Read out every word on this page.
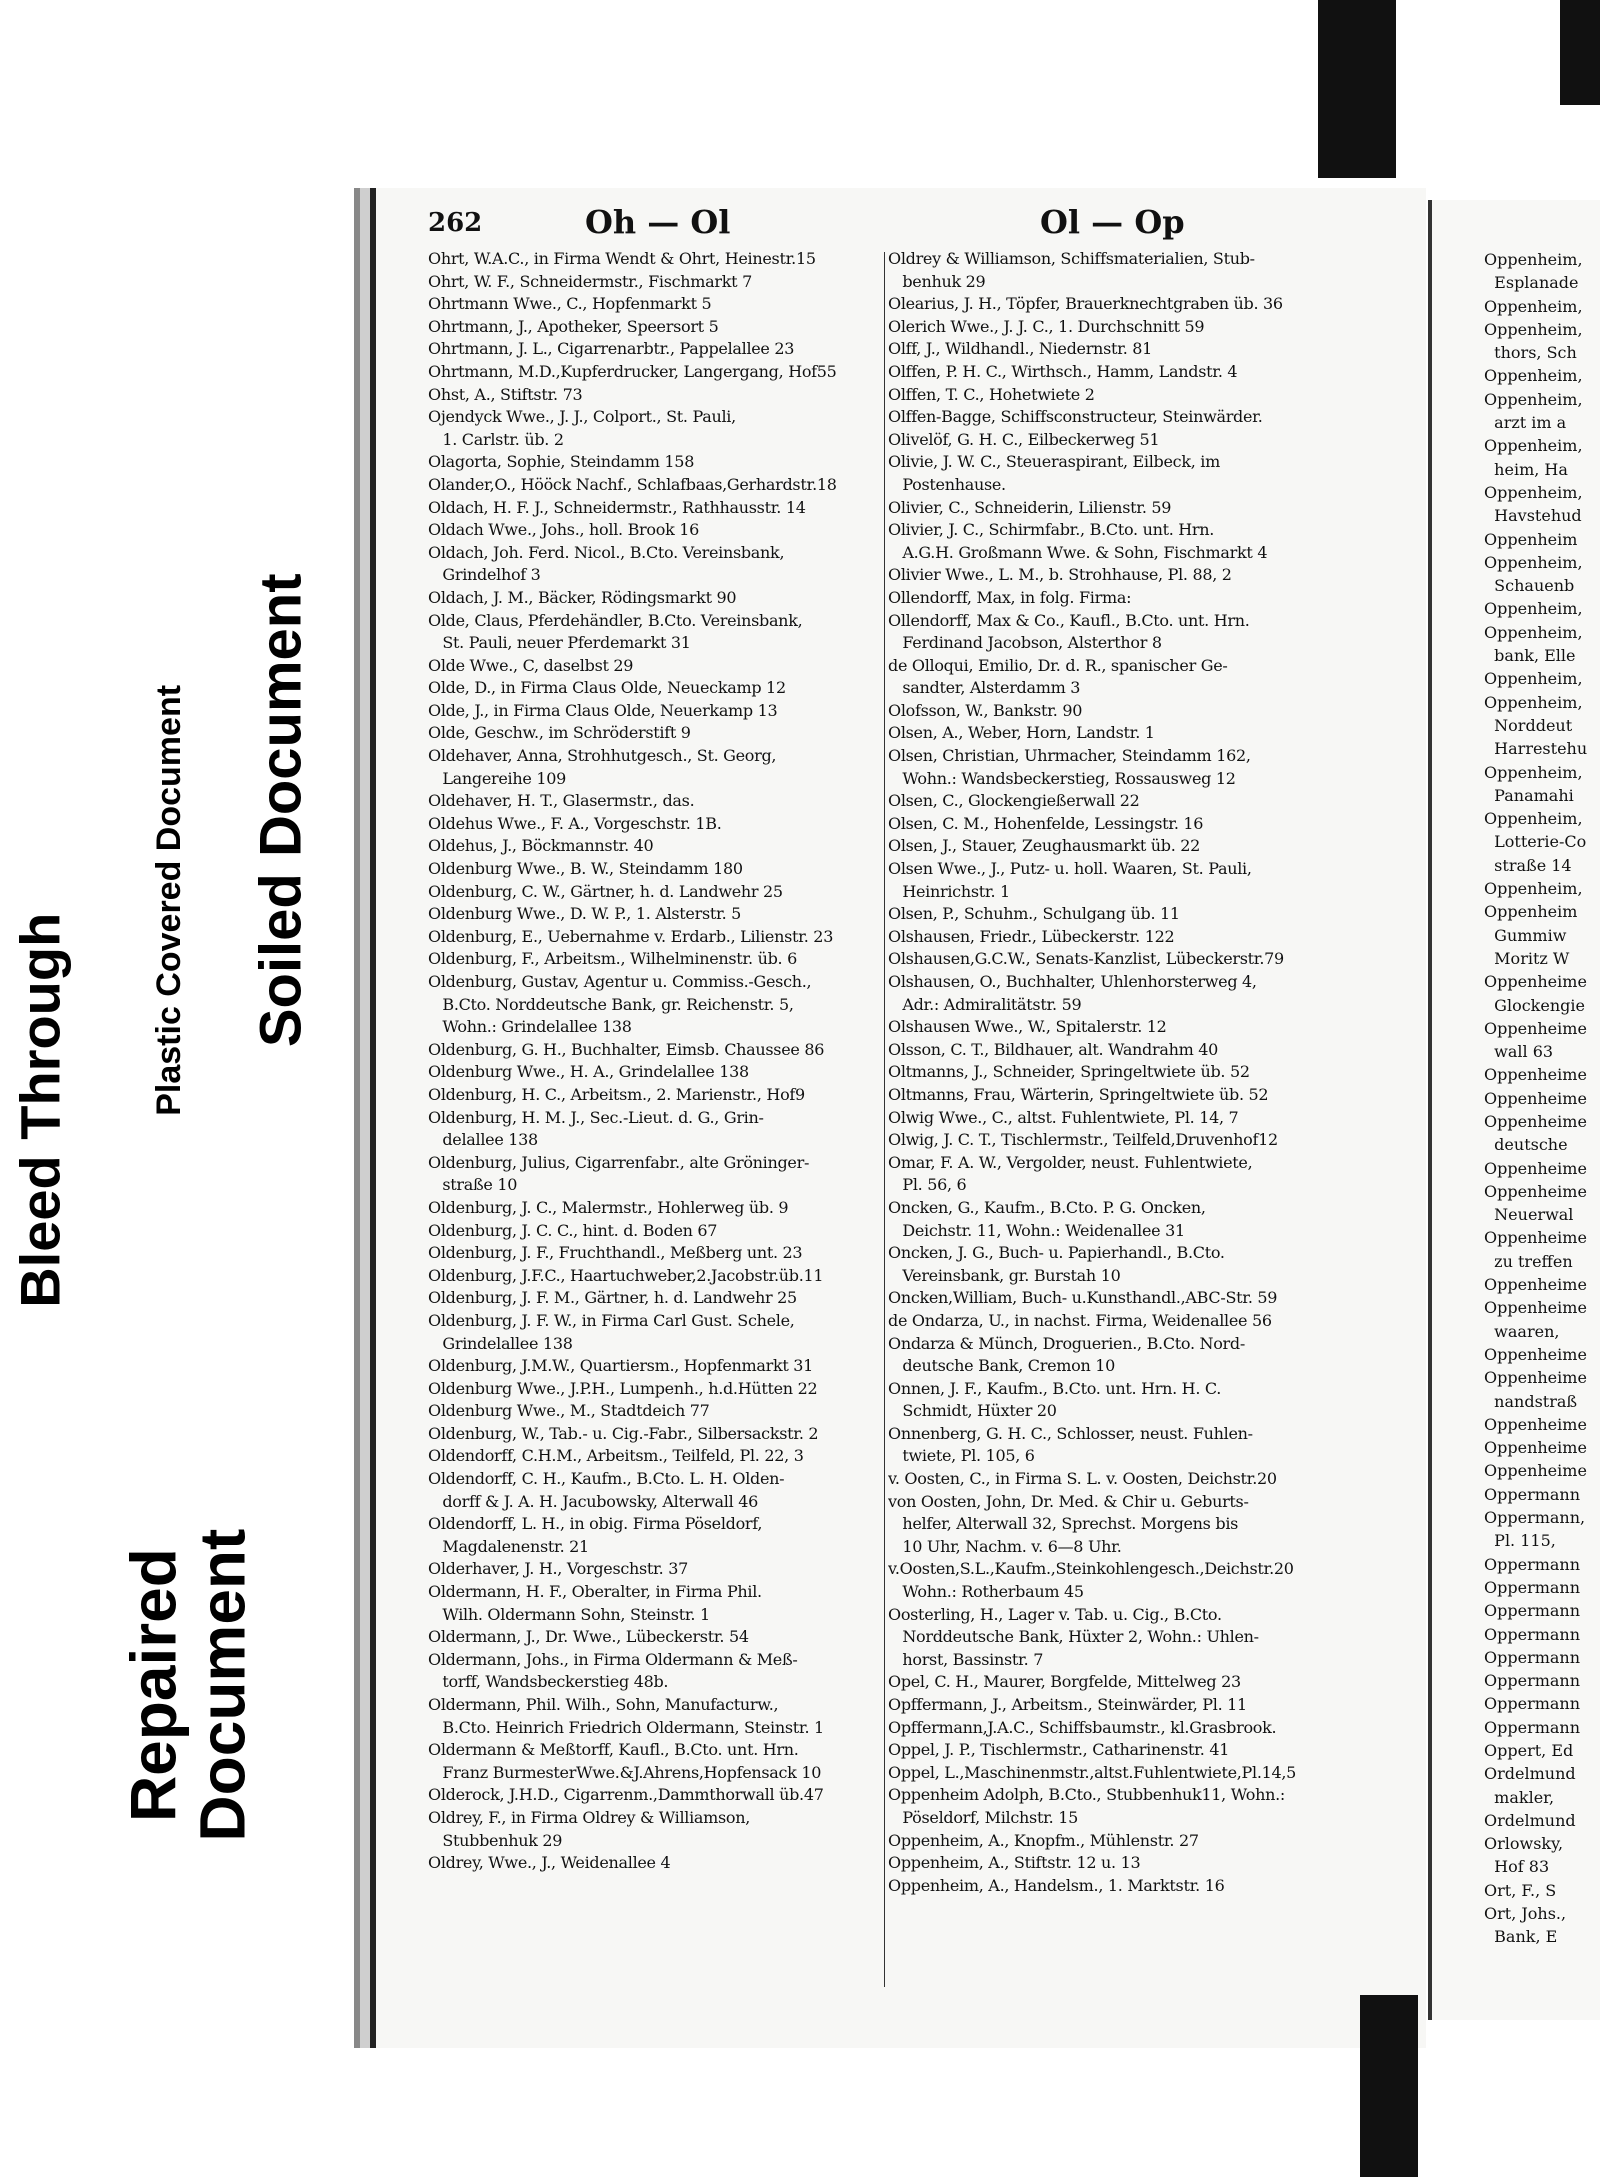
Bleed Through Plastic Covered Document Soiled Document
Repaired
Document
262	Oh — Ol	Ol — Op
Ohrt, W.A.C., in Firma Wendt & Ohrt, Heinestr.15
Ohrt, W. F., Schneidermstr., Fischmarkt 7
Ohrtmann Wwe., C., Hopfenmarkt 5
Ohrtmann, J., Apotheker, Speersort 5
Ohrtmann, J. L., Cigarrenarbtr., Pappelallee 23
Ohrtmann, M.D.,Kupferdrucker, Langergang, Hof55
Ohst, A., Stiftstr. 73
Ojendyck Wwe., J. J., Colport., St. Pauli,
1. Carlstr. üb. 2
Olagorta, Sophie, Steindamm 158
Olander,O., Hööck Nachf., Schlafbaas,Gerhardstr.18
Oldach, H. F. J., Schneidermstr., Rathhausstr. 14
Oldach Wwe., Johs., holl. Brook 16
Oldach, Joh. Ferd. Nicol., B.Cto. Vereinsbank,
Grindelhof 3
Oldach, J. M., Bäcker, Rödingsmarkt 90
Olde, Claus, Pferdehändler, B.Cto. Vereinsbank,
St. Pauli, neuer Pferdemarkt 31
Olde Wwe., C, daselbst 29
Olde, D., in Firma Claus Olde, Neueckamp 12
Olde, J., in Firma Claus Olde, Neuerkamp 13
Olde, Geschw., im Schröderstift 9
Oldehaver, Anna, Strohhutgesch., St. Georg,
Langereihe 109
Oldehaver, H. T., Glasermstr., das.
Oldehus Wwe., F. A., Vorgeschstr. 1B.
Oldehus, J., Böckmannstr. 40
Oldenburg Wwe., B. W., Steindamm 180
Oldenburg, C. W., Gärtner, h. d. Landwehr 25
Oldenburg Wwe., D. W. P., 1. Alsterstr. 5
Oldenburg, E., Uebernahme v. Erdarb., Lilienstr. 23
Oldenburg, F., Arbeitsm., Wilhelminenstr. üb. 6
Oldenburg, Gustav, Agentur u. Commiss.-Gesch.,
B.Cto. Norddeutsche Bank, gr. Reichenstr. 5,
Wohn.: Grindelallee 138
Oldenburg, G. H., Buchhalter, Eimsb. Chaussee 86
Oldenburg Wwe., H. A., Grindelallee 138
Oldenburg, H. C., Arbeitsm., 2. Marienstr., Hof9
Oldenburg, H. M. J., Sec.-Lieut. d. G., Grin-
delallee 138
Oldenburg, Julius, Cigarrenfabr., alte Gröninger-
straße 10
Oldenburg, J. C., Malermstr., Hohlerweg üb. 9
Oldenburg, J. C. C., hint. d. Boden 67
Oldenburg, J. F., Fruchthandl., Meßberg unt. 23
Oldenburg, J.F.C., Haartuchweber,2.Jacobstr.üb.11
Oldenburg, J. F. M., Gärtner, h. d. Landwehr 25
Oldenburg, J. F. W., in Firma Carl Gust. Schele,
Grindelallee 138
Oldenburg, J.M.W., Quartiersm., Hopfenmarkt 31
Oldenburg Wwe., J.P.H., Lumpenh., h.d.Hütten 22
Oldenburg Wwe., M., Stadtdeich 77
Oldenburg, W., Tab.- u. Cig.-Fabr., Silbersackstr. 2
Oldendorff, C.H.M., Arbeitsm., Teilfeld, Pl. 22, 3
Oldendorff, C. H., Kaufm., B.Cto. L. H. Olden-
dorff & J. A. H. Jacubowsky, Alterwall 46
Oldendorff, L. H., in obig. Firma Pöseldorf,
Magdalenenstr. 21
Olderhaver, J. H., Vorgeschstr. 37
Oldermann, H. F., Oberalter, in Firma Phil.
Wilh. Oldermann Sohn, Steinstr. 1
Oldermann, J., Dr. Wwe., Lübeckerstr. 54
Oldermann, Johs., in Firma Oldermann & Meß-
torff, Wandsbeckerstieg 48b.
Oldermann, Phil. Wilh., Sohn, Manufacturw.,
B.Cto. Heinrich Friedrich Oldermann, Steinstr. 1
Oldermann & Meßtorff, Kaufl., B.Cto. unt. Hrn.
Franz BurmesterWwe.&J.Ahrens,Hopfensack 10
Olderock, J.H.D., Cigarrenm.,Dammthorwall üb.47
Oldrey, F., in Firma Oldrey & Williamson,
Stubbenhuk 29
Oldrey, Wwe., J., Weidenallee 4
Oldrey & Williamson, Schiffsmaterialien, Stub-
benhuk 29
Olearius, J. H., Töpfer, Brauerknechtgraben üb. 36
Olerich Wwe., J. J. C., 1. Durchschnitt 59
Olff, J., Wildhandl., Niedernstr. 81
Olffen, P. H. C., Wirthsch., Hamm, Landstr. 4
Olffen, T. C., Hohetwiete 2
Olffen-Bagge, Schiffsconstructeur, Steinwärder.
Olivelöf, G. H. C., Eilbeckerweg 51
Olivie, J. W. C., Steueraspirant, Eilbeck, im
Postenhause.
Olivier, C., Schneiderin, Lilienstr. 59
Olivier, J. C., Schirmfabr., B.Cto. unt. Hrn.
A.G.H. Großmann Wwe. & Sohn, Fischmarkt 4
Olivier Wwe., L. M., b. Strohhause, Pl. 88, 2
Ollendorff, Max, in folg. Firma:
Ollendorff, Max & Co., Kaufl., B.Cto. unt. Hrn.
Ferdinand Jacobson, Alsterthor 8
de Olloqui, Emilio, Dr. d. R., spanischer Ge-
sandter, Alsterdamm 3
Olofsson, W., Bankstr. 90
Olsen, A., Weber, Horn, Landstr. 1
Olsen, Christian, Uhrmacher, Steindamm 162,
Wohn.: Wandsbeckerstieg, Rossausweg 12
Olsen, C., Glockengießerwall 22
Olsen, C. M., Hohenfelde, Lessingstr. 16
Olsen, J., Stauer, Zeughausmarkt üb. 22
Olsen Wwe., J., Putz- u. holl. Waaren, St. Pauli,
Heinrichstr. 1
Olsen, P., Schuhm., Schulgang üb. 11
Olshausen, Friedr., Lübeckerstr. 122
Olshausen,G.C.W., Senats-Kanzlist, Lübeckerstr.79
Olshausen, O., Buchhalter, Uhlenhorsterweg 4,
Adr.: Admiralitätstr. 59
Olshausen Wwe., W., Spitalerstr. 12
Olsson, C. T., Bildhauer, alt. Wandrahm 40
Oltmanns, J., Schneider, Springeltwiete üb. 52
Oltmanns, Frau, Wärterin, Springeltwiete üb. 52
Olwig Wwe., C., altst. Fuhlentwiete, Pl. 14, 7
Olwig, J. C. T., Tischlermstr., Teilfeld,Druvenhof12
Omar, F. A. W., Vergolder, neust. Fuhlentwiete,
Pl. 56, 6
Oncken, G., Kaufm., B.Cto. P. G. Oncken,
Deichstr. 11, Wohn.: Weidenallee 31
Oncken, J. G., Buch- u. Papierhandl., B.Cto.
Vereinsbank, gr. Burstah 10
Oncken,William, Buch- u.Kunsthandl.,ABC-Str. 59
de Ondarza, U., in nachst. Firma, Weidenallee 56
Ondarza & Münch, Droguerien., B.Cto. Nord-
deutsche Bank, Cremon 10
Onnen, J. F., Kaufm., B.Cto. unt. Hrn. H. C.
Schmidt, Hüxter 20
Onnenberg, G. H. C., Schlosser, neust. Fuhlen-
twiete, Pl. 105, 6
v. Oosten, C., in Firma S. L. v. Oosten, Deichstr.20
von Oosten, John, Dr. Med. & Chir u. Geburts-
helfer, Alterwall 32, Sprechst. Morgens bis
10 Uhr, Nachm. v. 6—8 Uhr.
v.Oosten,S.L.,Kaufm.,Steinkohlengesch.,Deichstr.20
Wohn.: Rotherbaum 45
Oosterling, H., Lager v. Tab. u. Cig., B.Cto.
Norddeutsche Bank, Hüxter 2, Wohn.: Uhlen-
horst, Bassinstr. 7
Opel, C. H., Maurer, Borgfelde, Mittelweg 23
Opffermann, J., Arbeitsm., Steinwärder, Pl. 11
Opffermann,J.A.C., Schiffsbaumstr., kl.Grasbrook.
Oppel, J. P., Tischlermstr., Catharinenstr. 41
Oppel, L.,Maschinenmstr.,altst.Fuhlentwiete,Pl.14,5
Oppenheim Adolph, B.Cto., Stubbenhuk11, Wohn.:
Pöseldorf, Milchstr. 15
Oppenheim, A., Knopfm., Mühlenstr. 27
Oppenheim, A., Stiftstr. 12 u. 13
Oppenheim, A., Handelsm., 1. Marktstr. 16
Oppenheim,
Esplanade
Oppenheim,
Oppenheim,
thors, Sch
Oppenheim,
Oppenheim,
arzt im a
Oppenheim,
heim, Ha
Oppenheim,
Havstehud
Oppenheim
Oppenheim,
Schauenb
Oppenheim,
Oppenheim,
bank, Elle
Oppenheim,
Oppenheim,
Norddeut
Harrestehu
Oppenheim,
Panamahi
Oppenheim,
Lotterie-Co
straße 14
Oppenheim,
Oppenheim
Gummiw
Moritz W
Oppenheime
Glockengie
Oppenheime
wall 63
Oppenheime
Oppenheime
Oppenheime
deutsche
Oppenheime
Oppenheime
Neuerwal
Oppenheime
zu treffen
Oppenheime
Oppenheime
waaren,
Oppenheime
Oppenheime
nandstraß
Oppenheime
Oppenheime
Oppenheime
Oppermann
Oppermann,
Pl. 115,
Oppermann
Oppermann
Oppermann
Oppermann
Oppermann
Oppermann
Oppermann
Oppermann
Oppert, Ed
Ordelmund
makler,
Ordelmund
Orlowsky,
Hof 83
Ort, F., S
Ort, Johs.,
Bank, E
